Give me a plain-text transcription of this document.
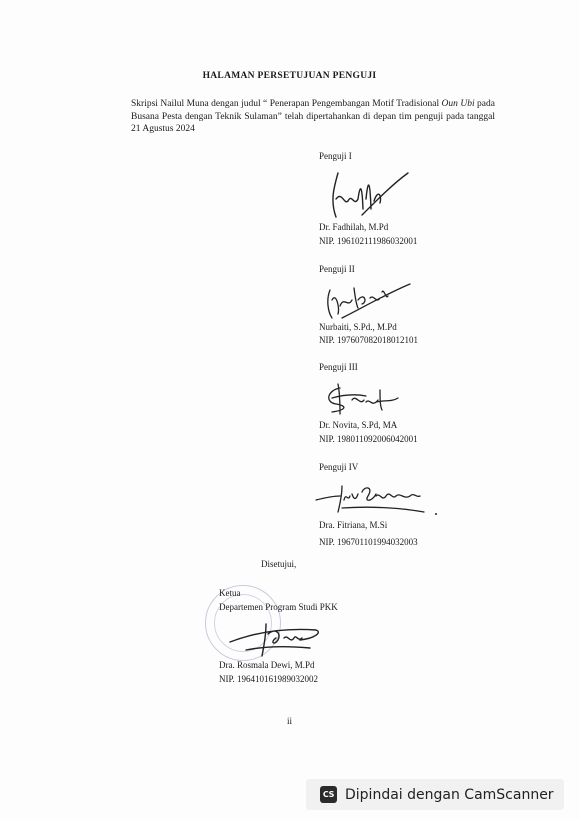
HALAMAN PERSETUJUAN PENGUJI
Skripsi Nailul Muna dengan judul “ Penerapan Pengembangan Motif Tradisional Oun Ubi pada Busana Pesta dengan Teknik Sulaman” telah dipertahankan di depan tim penguji pada tanggal 21 Agustus 2024
Penguji I
Dr. Fadhilah, M.Pd
NIP. 196102111986032001
Penguji II
Nurbaiti, S.Pd., M.Pd
NIP. 197607082018012101
Penguji III
Dr. Novita, S.Pd, MA
NIP. 198011092006042001
Penguji IV
Dra. Fitriana, M.Si
NIP. 196701101994032003
Disetujui,
Ketua
Departemen Program Studi PKK
Dra. Rosmala Dewi, M.Pd
NIP. 196410161989032002
ii
CS Dipindai dengan CamScanner
